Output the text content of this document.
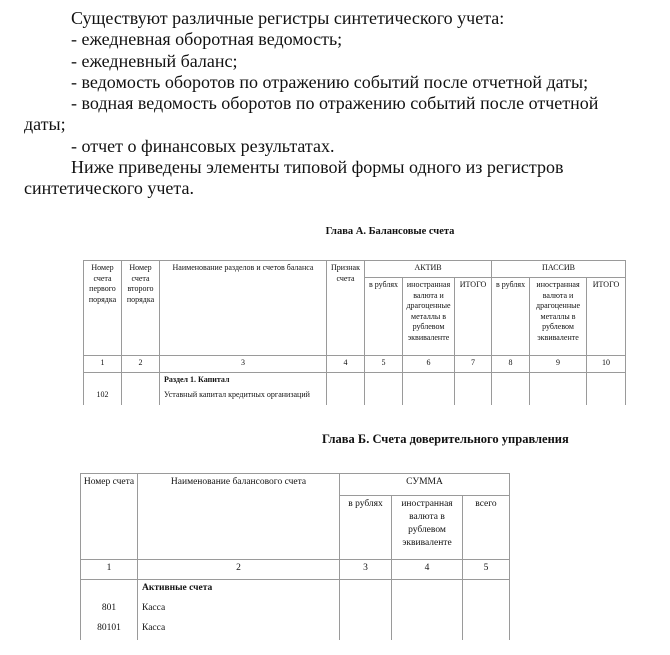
Существуют различные регистры синтетического учета:

- ежедневная оборотная ведомость;

- ежедневный баланс;

- ведомость оборотов по отражению событий после отчетной даты;

- водная ведомость оборотов по отражению событий после отчетной даты;

- отчет о финансовых результатах.

Ниже приведены элементы типовой формы одного из регистров синтетического учета.

Глава А. Балансовые счета
Номер счета первого порядка	Номер счета второго порядка	Наименование разделов и счетов баланса	Признак счета	АКТИВ			ПАССИВ		
				в рублях	иностранная валюта и драгоценные металлы в рублевом эквиваленте	ИТОГО	в рублях	иностранная валюта и драгоценные металлы в рублевом эквиваленте	ИТОГО
1	2	3	4	5	6	7	8	9	10
		Раздел 1. Капитал							
102		Уставный капитал кредитных организаций							
Глава Б. Счета доверительного управления
Номер счета	Наименование балансового счета	СУММА		
		в рублях	иностранная валюта в рублевом эквиваленте	всего
1	2	3	4	5
	Активные счета			
801	Касса			
80101	Касса			
